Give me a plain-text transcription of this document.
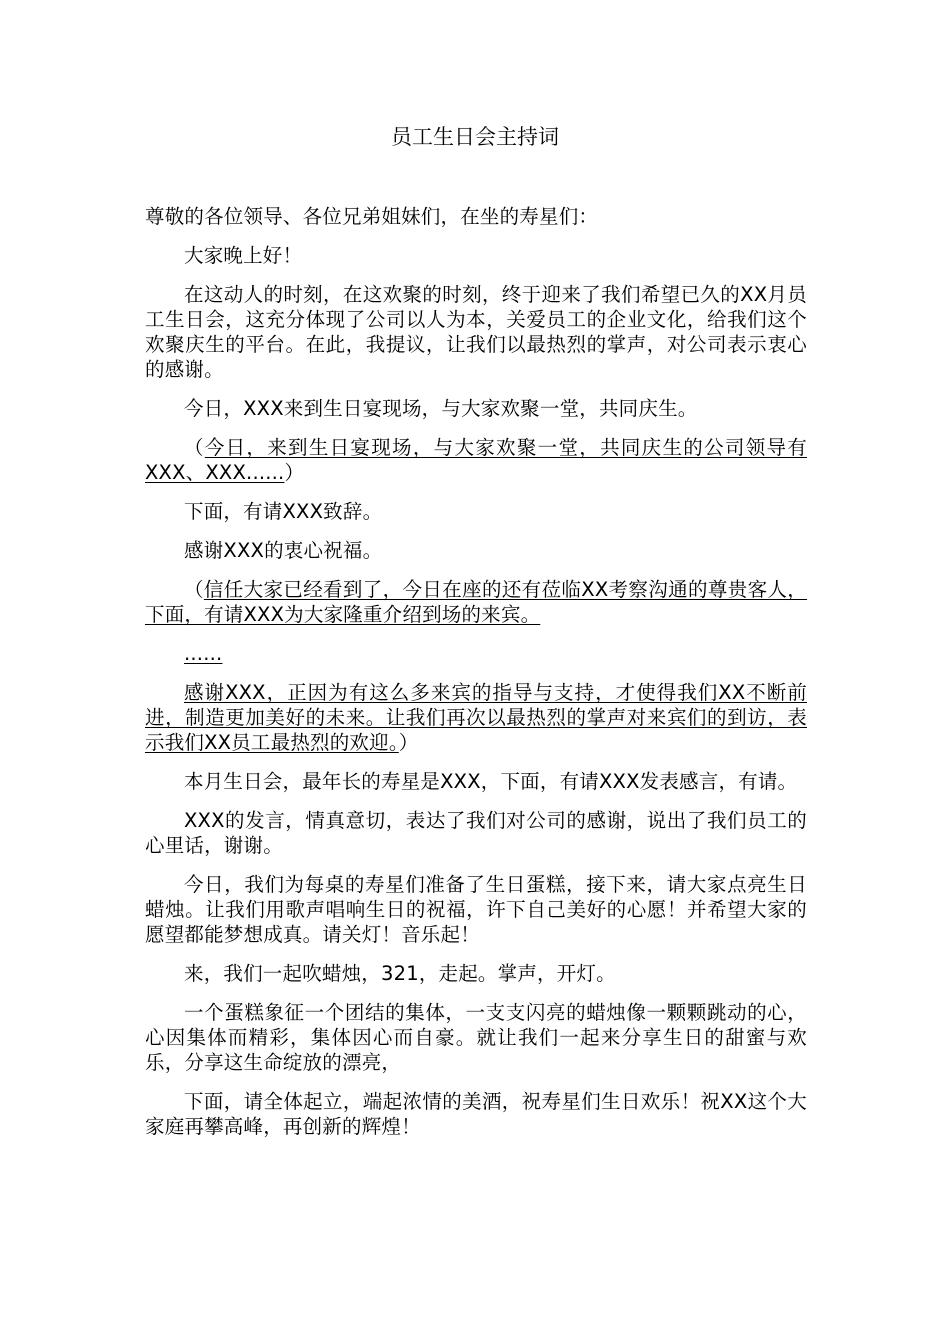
员工生日会主持词

尊敬的各位领导、各位兄弟姐妹们，在坐的寿星们：

大家晚上好！

在这动人的时刻，在这欢聚的时刻，终于迎来了我们希望已久的XX月员工生日会，这充分体现了公司以人为本，关爱员工的企业文化，给我们这个欢聚庆生的平台。在此，我提议，让我们以最热烈的掌声，对公司表示衷心的感谢。

今日，XXX来到生日宴现场，与大家欢聚一堂，共同庆生。

（今日，来到生日宴现场，与大家欢聚一堂，共同庆生的公司领导有XXX、XXX......）

下面，有请XXX致辞。

感谢XXX的衷心祝福。

（信任大家已经看到了，今日在座的还有莅临XX考察沟通的尊贵客人，下面，有请XXX为大家隆重介绍到场的来宾。

......

感谢XXX，正因为有这么多来宾的指导与支持，才使得我们XX不断前进，制造更加美好的未来。让我们再次以最热烈的掌声对来宾们的到访，表示我们XX员工最热烈的欢迎。）

本月生日会，最年长的寿星是XXX，下面，有请XXX发表感言，有请。

XXX的发言，情真意切，表达了我们对公司的感谢，说出了我们员工的心里话，谢谢。

今日，我们为每桌的寿星们准备了生日蛋糕，接下来，请大家点亮生日蜡烛。让我们用歌声唱响生日的祝福，许下自己美好的心愿！并希望大家的愿望都能梦想成真。请关灯！音乐起！

来，我们一起吹蜡烛，321，走起。掌声，开灯。

一个蛋糕象征一个团结的集体，一支支闪亮的蜡烛像一颗颗跳动的心，心因集体而精彩，集体因心而自豪。就让我们一起来分享生日的甜蜜与欢乐，分享这生命绽放的漂亮，

下面，请全体起立，端起浓情的美酒，祝寿星们生日欢乐！祝XX这个大家庭再攀高峰，再创新的辉煌！
